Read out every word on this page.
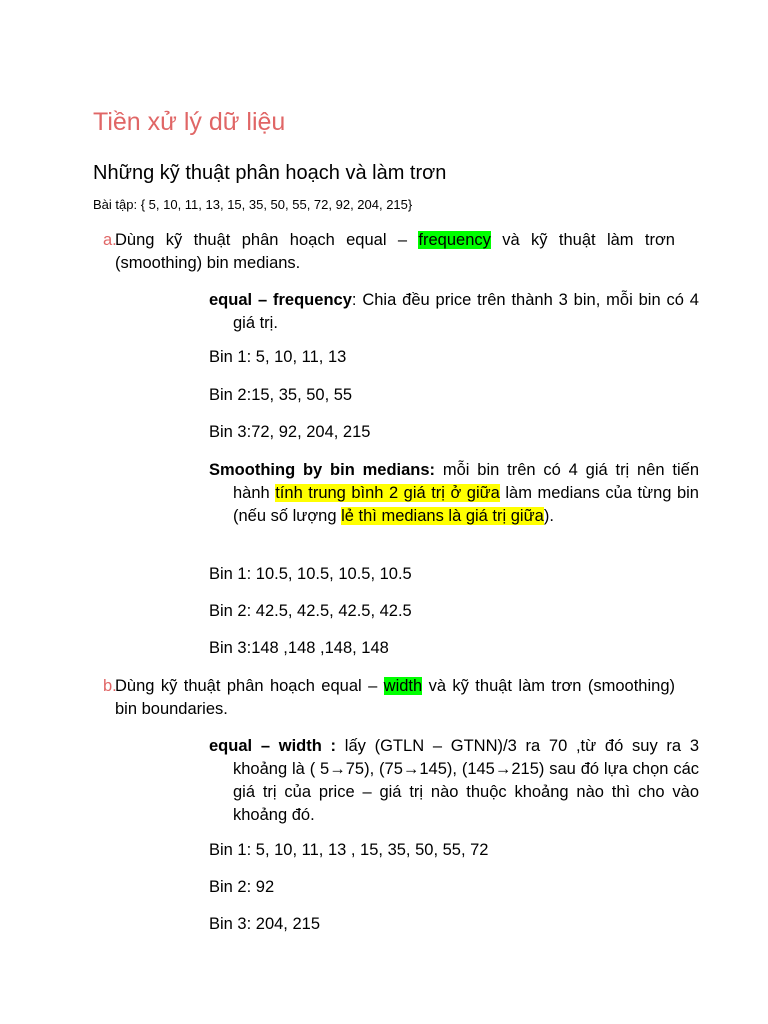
Tiền xử lý dữ liệu
Những kỹ thuật phân hoạch và làm trơn

Bài tập: { 5, 10, 11, 13, 15, 35, 50, 55, 72, 92, 204, 215}

a.
Dùng kỹ thuật phân hoạch equal – frequency và kỹ thuật làm trơn (smoothing) bin medians.
equal – frequency: Chia đều price trên thành 3 bin, mỗi bin có 4 giá trị.

Bin 1: 5, 10, 11, 13

Bin 2:15, 35, 50, 55

Bin 3:72, 92, 204, 215

Smoothing by bin medians: mỗi bin trên có 4 giá trị nên tiến hành tính trung bình 2 giá trị ở giữa làm medians của từng bin (nếu số lượng lẻ thì medians là giá trị giữa).

Bin 1: 10.5, 10.5, 10.5, 10.5

Bin 2: 42.5, 42.5, 42.5, 42.5

Bin 3:148 ,148 ,148, 148

b.
Dùng kỹ thuật phân hoạch equal – width và kỹ thuật làm trơn (smoothing) bin boundaries.
equal – width : lấy (GTLN – GTNN)/3 ra 70 ,từ đó suy ra 3 khoảng là ( 5→75), (75→145), (145→215) sau đó lựa chọn các giá trị của price – giá trị nào thuộc khoảng nào thì cho vào khoảng đó.

Bin 1: 5, 10, 11, 13 , 15, 35, 50, 55, 72

Bin 2: 92

Bin 3: 204, 215
